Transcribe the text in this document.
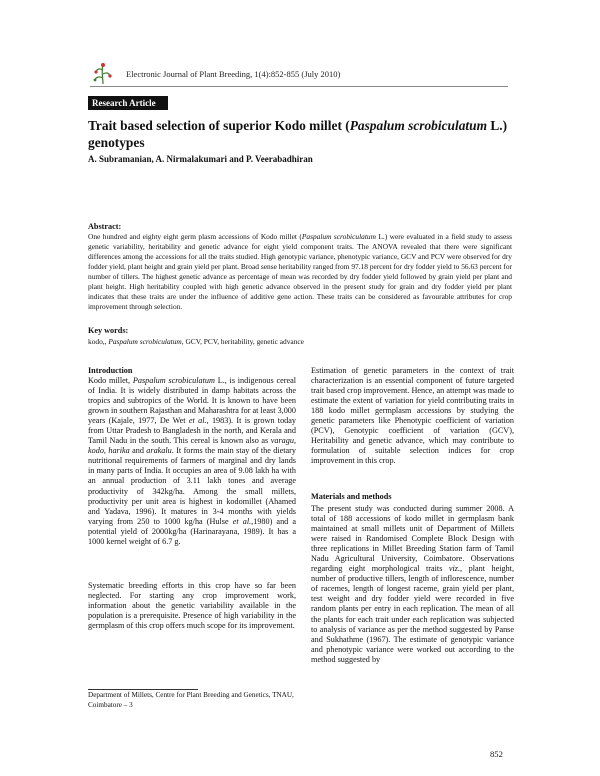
Electronic Journal of Plant Breeding, 1(4):852-855 (July 2010)
Research Article
Trait based selection of superior Kodo millet (Paspalum scrobiculatum L.) genotypes
A. Subramanian, A. Nirmalakumari and P. Veerabadhiran
Abstract:
One hundred and eighty eight germ plasm accessions of Kodo millet (Paspalum scrobiculatum L.) were evaluated in a field study to assess genetic variability, heritability and genetic advance for eight yield component traits. The ANOVA revealed that there were significant differences among the accessions for all the traits studied. High genotypic variance, phenotypic variance, GCV and PCV were observed for dry fodder yield, plant height and grain yield per plant. Broad sense heritability ranged from 97.18 percent for dry fodder yield to 56.63 percent for number of tillers. The highest genetic advance as percentage of mean was recorded by dry fodder yield followed by grain yield per plant and plant height. High heritability coupled with high genetic advance observed in the present study for grain and dry fodder yield per plant indicates that these traits are under the influence of additive gene action. These traits can be considered as favourable attributes for crop improvement through selection.
Key words:
kodo,, Paspalum scrobiculatum, GCV, PCV, heritability, genetic advance
Introduction
Kodo millet, Paspalum scrobiculatum L., is indigenous cereal of India. It is widely distributed in damp habitats across the tropics and subtropics of the World. It is known to have been grown in southern Rajasthan and Maharashtra for at least 3,000 years (Kajale, 1977, De Wet et al., 1983). It is grown today from Uttar Pradesh to Bangladesh in the north, and Kerala and Tamil Nadu in the south. This cereal is known also as varagu, kodo, harika and arakalu. It forms the main stay of the dietary nutritional requirements of farmers of marginal and dry lands in many parts of India. It occupies an area of 9.08 lakh ha with an annual production of 3.11 lakh tones and average productivity of 342kg/ha. Among the small millets, productivity per unit area is highest in kodomillet (Ahamed and Yadava, 1996). It matures in 3-4 months with yields varying from 250 to 1000 kg/ha (Hulse et al.,1980) and a potential yield of 2000kg/ha (Harinarayana, 1989). It has a 1000 kernel weight of 6.7 g.
Systematic breeding efforts in this crop have so far been neglected. For starting any crop improvement work, information about the genetic variability available in the population is a prerequisite. Presence of high variability in the germplasm of this crop offers much scope for its improvement.
Department of Millets, Centre for Plant Breeding and Genetics, TNAU, Coimbatore – 3
Estimation of genetic parameters in the context of trait characterization is an essential component of future targeted trait based crop improvement. Hence, an attempt was made to estimate the extent of variation for yield contributing traits in 188 kodo millet germplasm accessions by studying the genetic parameters like Phenotypic coefficient of variation (PCV), Genotypic coefficient of variation (GCV), Heritability and genetic advance, which may contribute to formulation of suitable selection indices for crop improvement in this crop.
Materials and methods
The present study was conducted during summer 2008. A total of 188 accessions of kodo millet in germplasm bank maintained at small millets unit of Department of Millets were raised in Randomised Complete Block Design with three replications in Millet Breeding Station farm of Tamil Nadu Agricultural University, Coimbatore. Observations regarding eight morphological traits viz., plant height, number of productive tillers, length of inflorescence, number of racemes, length of longest raceme, grain yield per plant, test weight and dry fodder yield were recorded in five random plants per entry in each replication. The mean of all the plants for each trait under each replication was subjected to analysis of variance as per the method suggested by Panse and Sukhathme (1967). The estimate of genotypic variance and phenotypic variance were worked out according to the method suggested by
852
